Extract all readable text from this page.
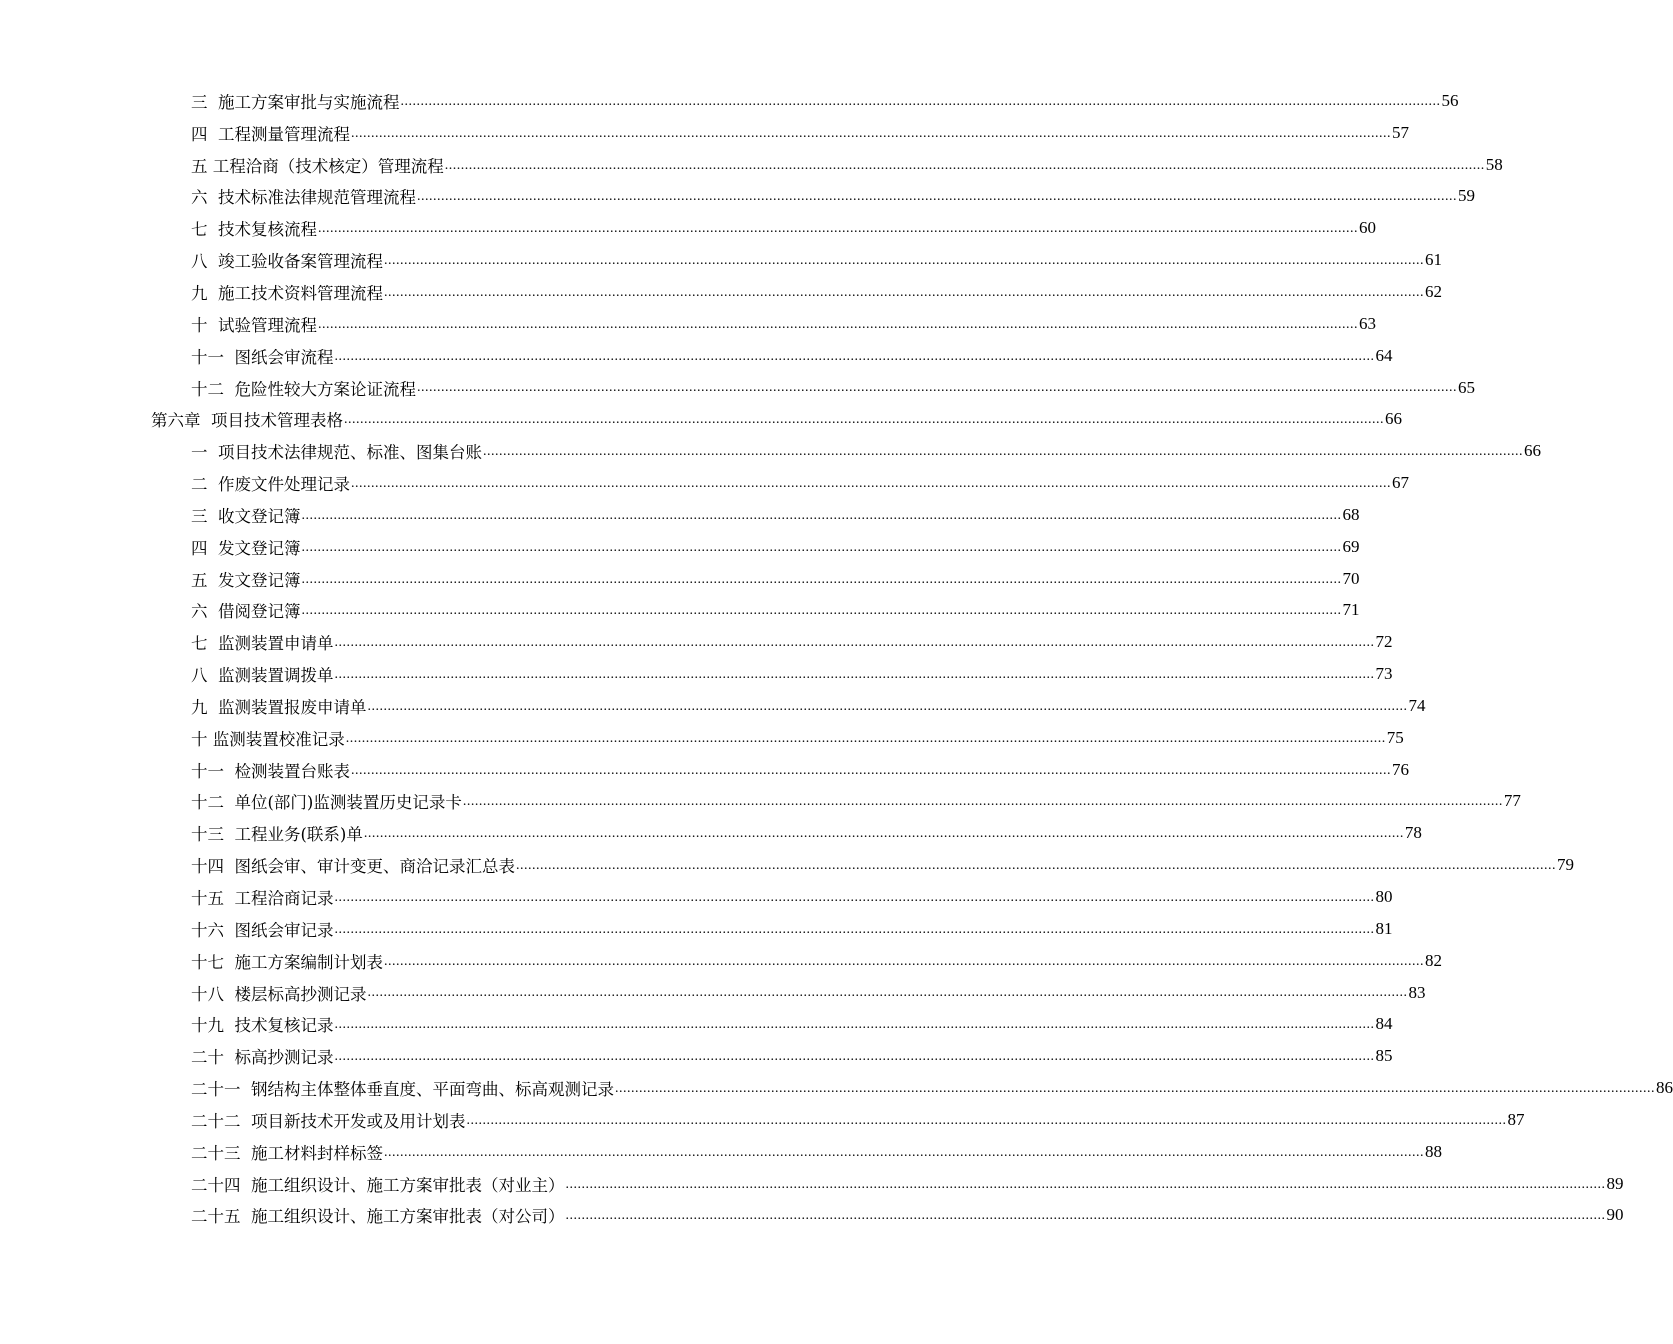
三  施工方案审批与实施流程 .................................................................................................................................................................................................................................................................... 56
四  工程测量管理流程 .................................................................................................................................................................................................................................................................... 57
五 工程洽商（技术核定）管理流程 .................................................................................................................................................................................................................................................................... 58
六  技术标准法律规范管理流程 .................................................................................................................................................................................................................................................................... 59
七  技术复核流程 .................................................................................................................................................................................................................................................................... 60
八  竣工验收备案管理流程 .................................................................................................................................................................................................................................................................... 61
九  施工技术资料管理流程 .................................................................................................................................................................................................................................................................... 62
十  试验管理流程 .................................................................................................................................................................................................................................................................... 63
十一  图纸会审流程 .................................................................................................................................................................................................................................................................... 64
十二  危险性较大方案论证流程 .................................................................................................................................................................................................................................................................... 65
第六章  项目技术管理表格 .................................................................................................................................................................................................................................................................... 66
一  项目技术法律规范、标准、图集台账 .................................................................................................................................................................................................................................................................... 66
二  作废文件处理记录 .................................................................................................................................................................................................................................................................... 67
三  收文登记簿 .................................................................................................................................................................................................................................................................... 68
四  发文登记簿 .................................................................................................................................................................................................................................................................... 69
五  发文登记簿 .................................................................................................................................................................................................................................................................... 70
六  借阅登记簿 .................................................................................................................................................................................................................................................................... 71
七  监测装置申请单 .................................................................................................................................................................................................................................................................... 72
八  监测装置调拨单 .................................................................................................................................................................................................................................................................... 73
九  监测装置报废申请单 .................................................................................................................................................................................................................................................................... 74
十 监测装置校准记录 .................................................................................................................................................................................................................................................................... 75
十一  检测装置台账表 .................................................................................................................................................................................................................................................................... 76
十二  单位(部门)监测装置历史记录卡 .................................................................................................................................................................................................................................................................... 77
十三  工程业务(联系)单 .................................................................................................................................................................................................................................................................... 78
十四  图纸会审、审计变更、商洽记录汇总表 .................................................................................................................................................................................................................................................................... 79
十五  工程洽商记录 .................................................................................................................................................................................................................................................................... 80
十六  图纸会审记录 .................................................................................................................................................................................................................................................................... 81
十七  施工方案编制计划表 .................................................................................................................................................................................................................................................................... 82
十八  楼层标高抄测记录 .................................................................................................................................................................................................................................................................... 83
十九  技术复核记录 .................................................................................................................................................................................................................................................................... 84
二十  标高抄测记录 .................................................................................................................................................................................................................................................................... 85
二十一  钢结构主体整体垂直度、平面弯曲、标高观测记录 .................................................................................................................................................................................................................................................................... 86
二十二  项目新技术开发或及用计划表 .................................................................................................................................................................................................................................................................... 87
二十三  施工材料封样标签 .................................................................................................................................................................................................................................................................... 88
二十四  施工组织设计、施工方案审批表（对业主） .................................................................................................................................................................................................................................................................... 89
二十五  施工组织设计、施工方案审批表（对公司） .................................................................................................................................................................................................................................................................... 90
